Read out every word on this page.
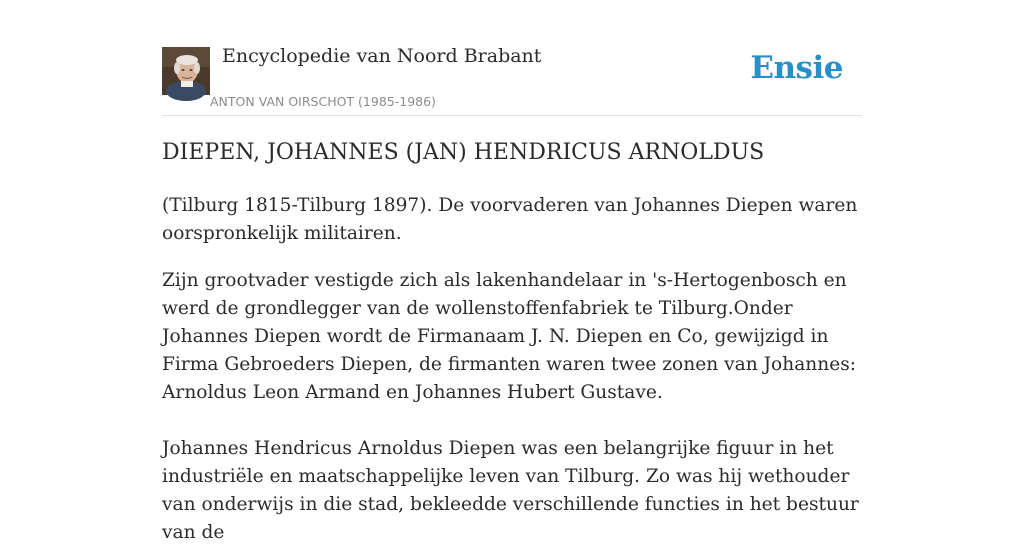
Encyclopedie van Noord Brabant
ANTON VAN OIRSCHOT (1985-1986)
Ensie
DIEPEN, JOHANNES (JAN) HENDRICUS ARNOLDUS

(Tilburg 1815-Tilburg 1897). De voorvaderen van Johannes Diepen waren oorspronkelijk militairen.

Zijn grootvader vestigde zich als lakenhandelaar in 's-Hertogenbosch en werd de grondlegger van de wollenstoffenfabriek te Tilburg.Onder Johannes Diepen wordt de Firmanaam J. N. Diepen en Co, gewijzigd in Firma Gebroeders Diepen, de firmanten waren twee zonen van Johannes: Arnoldus Leon Armand en Johannes Hubert Gustave.

Johannes Hendricus Arnoldus Diepen was een belangrijke figuur in het industriële en maatschappelijke leven van Tilburg. Zo was hij wethouder van onderwijs in die stad, bekleedde verschillende functies in het bestuur van de
